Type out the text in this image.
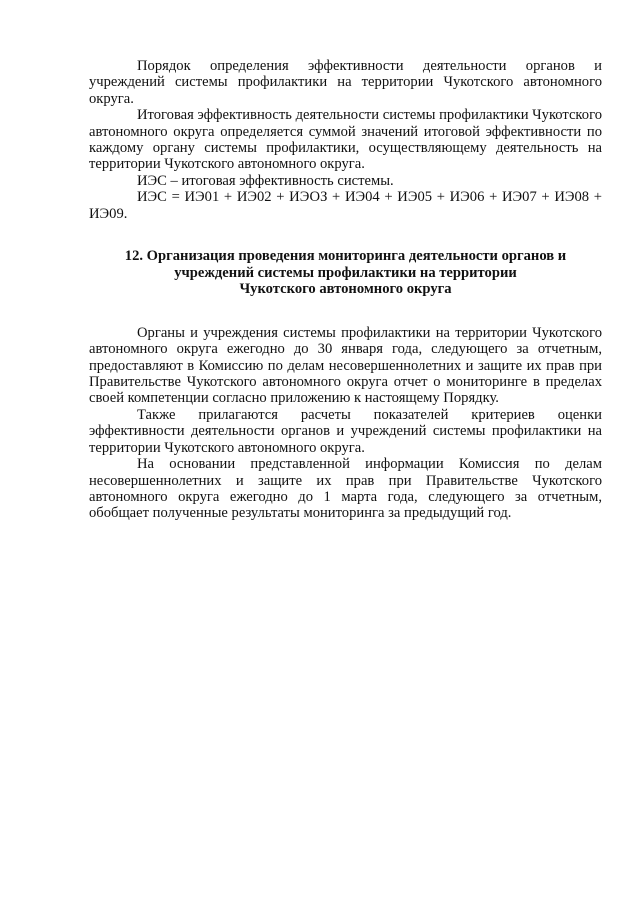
Порядок определения эффективности деятельности органов и учреждений системы профилактики на территории Чукотского автономного округа.

Итоговая эффективность деятельности системы профилактики Чукотского автономного округа определяется суммой значений итоговой эффективности по каждому органу системы профилактики, осуществляющему деятельность на территории Чукотского автономного округа.

ИЭС – итоговая эффективность системы.

ИЭС = ИЭ01 + ИЭ02 + ИЭОЗ + ИЭ04 + ИЭ05 + ИЭ06 + ИЭ07 + ИЭ08 + ИЭ09.

12. Организация проведения мониторинга деятельности органов и
учреждений системы профилактики на территории
Чукотского автономного округа

Органы и учреждения системы профилактики на территории Чукотского автономного округа ежегодно до 30 января года, следующего за отчетным, предоставляют в Комиссию по делам несовершеннолетних и защите их прав при Правительстве Чукотского автономного округа отчет о мониторинге в пределах своей компетенции согласно приложению к настоящему Порядку.

Также прилагаются расчеты показателей критериев оценки эффективности деятельности органов и учреждений системы профилактики на территории Чукотского автономного округа.

На основании представленной информации Комиссия по делам несовершеннолетних и защите их прав при Правительстве Чукотского автономного округа ежегодно до 1 марта года, следующего за отчетным, обобщает полученные результаты мониторинга за предыдущий год.
